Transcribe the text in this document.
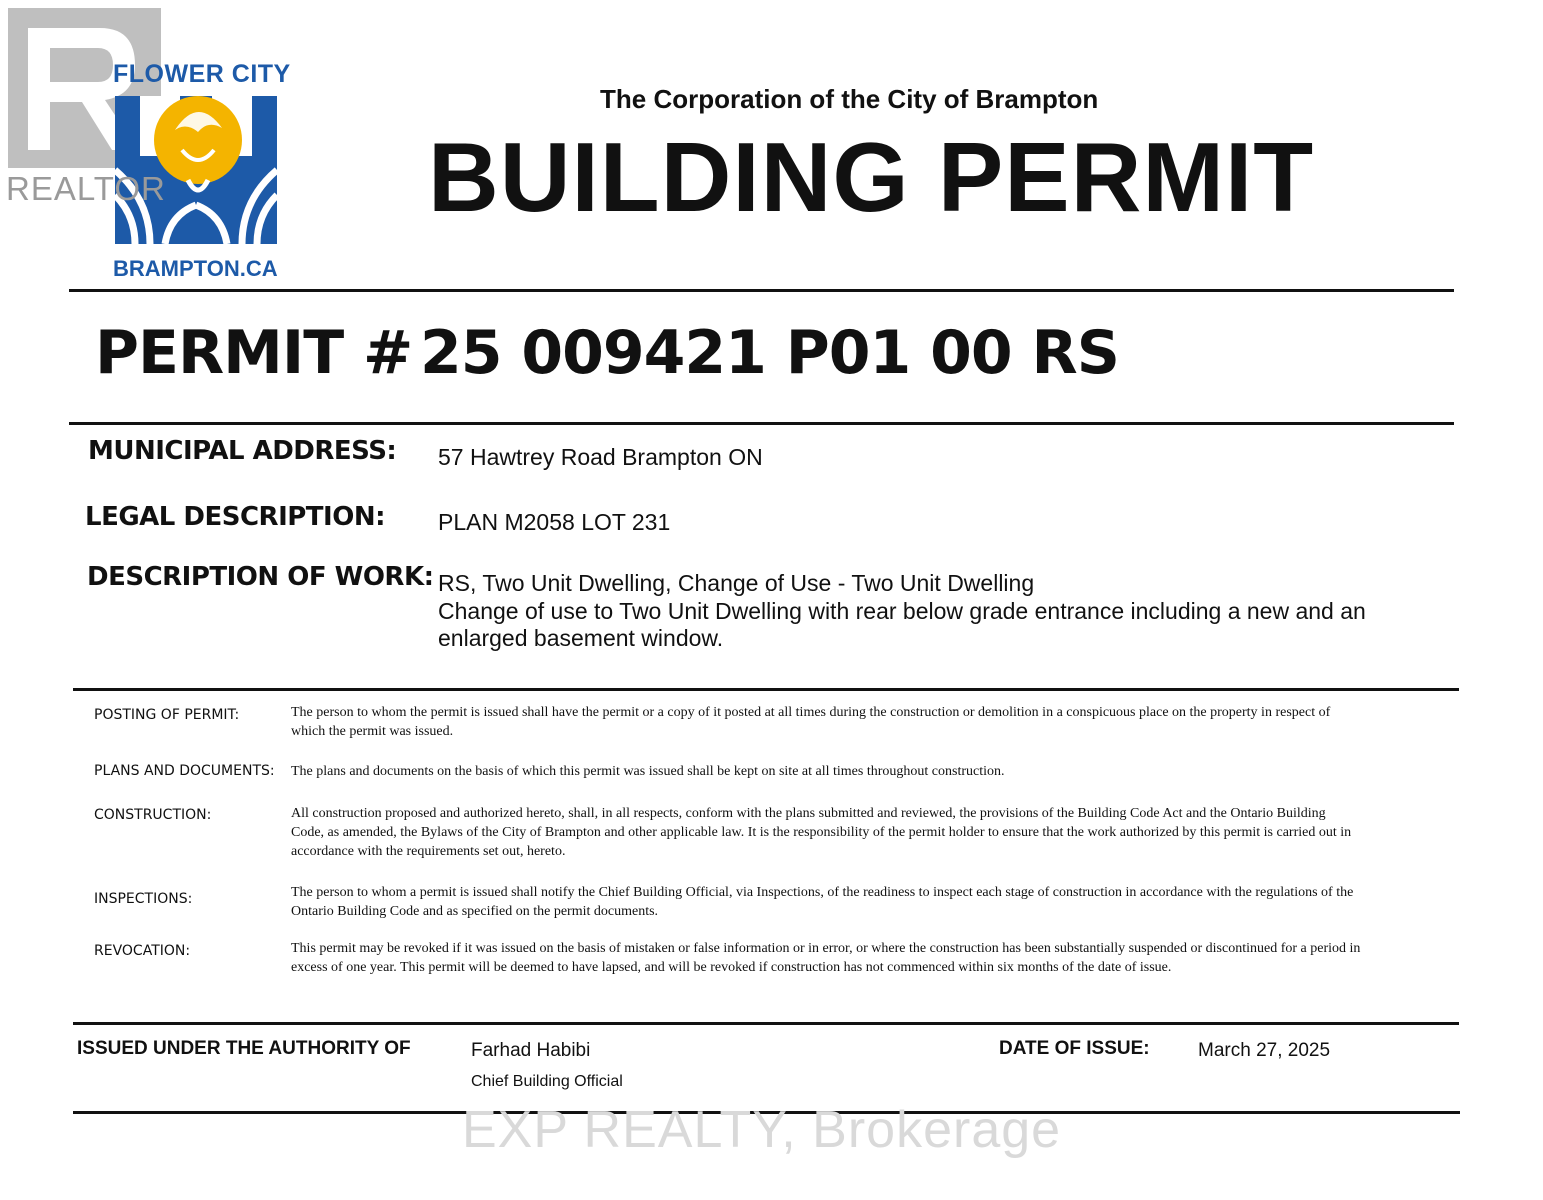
FLOWER CITY
REALTOR
BRAMPTON.CA
The Corporation of the City of Brampton
BUILDING PERMIT
PERMIT # 25 009421 P01 00 RS
MUNICIPAL ADDRESS: 57 Hawtrey Road Brampton ON
LEGAL DESCRIPTION: PLAN M2058 LOT 231
DESCRIPTION OF WORK: RS, Two Unit Dwelling, Change of Use - Two Unit Dwelling
Change of use to Two Unit Dwelling with rear below grade entrance including a new and an
enlarged basement window.
POSTING OF PERMIT:	The person to whom the permit is issued shall have the permit or a copy of it posted at all times during the construction or demolition in a conspicuous place on the property in respect of which the permit was issued.
PLANS AND DOCUMENTS: The plans and documents on the basis of which this permit was issued shall be kept on site at all times throughout construction.
CONSTRUCTION:	All construction proposed and authorized hereto, shall, in all respects, conform with the plans submitted and reviewed, the provisions of the Building Code Act and the Ontario Building Code, as amended, the Bylaws of the City of Brampton and other applicable law. It is the responsibility of the permit holder to ensure that the work authorized by this permit is carried out in accordance with the requirements set out, hereto.
INSPECTIONS:	The person to whom a permit is issued shall notify the Chief Building Official, via Inspections, of the readiness to inspect each stage of construction in accordance with the regulations of the Ontario Building Code and as specified on the permit documents.
REVOCATION:	This permit may be revoked if it was issued on the basis of mistaken or false information or in error, or where the construction has been substantially suspended or discontinued for a period in excess of one year. This permit will be deemed to have lapsed, and will be revoked if construction has not commenced within six months of the date of issue.
ISSUED UNDER THE AUTHORITY OF	Farhad Habibi
Chief Building Official
DATE OF ISSUE:	March 27, 2025
EXP REALTY, Brokerage
